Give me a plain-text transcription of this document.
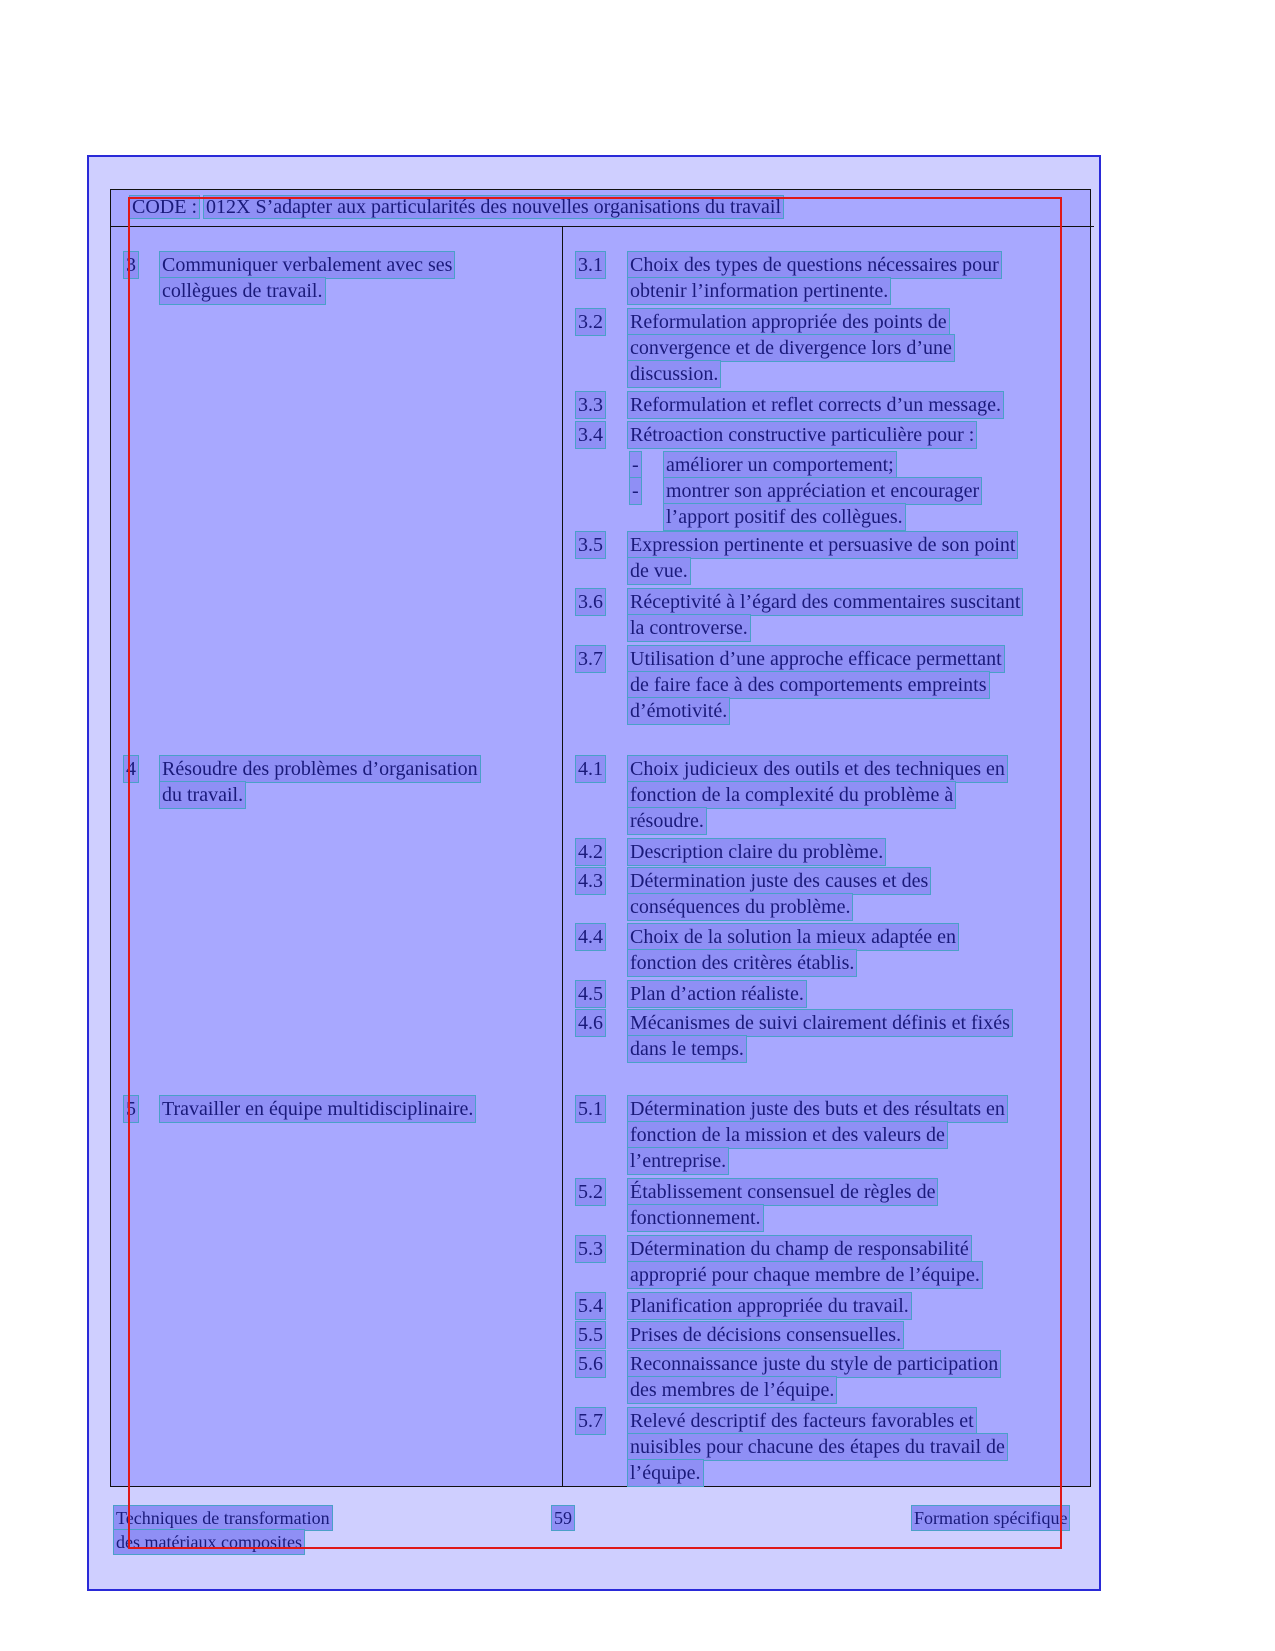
CODE : 012X S’adapter aux particularités des nouvelles organisations du travail
3 Communiquer verbalement avec ses
collègues de travail.
3.1 Choix des types de questions nécessaires pour
obtenir l’information pertinente.
3.2 Reformulation appropriée des points de
convergence et de divergence lors d’une
discussion.
3.3 Reformulation et reflet corrects d’un message.
3.4 Rétroaction constructive particulière pour :
- améliorer un comportement;
- montrer son appréciation et encourager
l’apport positif des collègues.
3.5 Expression pertinente et persuasive de son point
de vue.
3.6 Réceptivité à l’égard des commentaires suscitant
la controverse.
3.7 Utilisation d’une approche efficace permettant
de faire face à des comportements empreints
d’émotivité.
4 Résoudre des problèmes d’organisation
du travail.
4.1 Choix judicieux des outils et des techniques en
fonction de la complexité du problème à
résoudre.
4.2 Description claire du problème.
4.3 Détermination juste des causes et des
conséquences du problème.
4.4 Choix de la solution la mieux adaptée en
fonction des critères établis.
4.5 Plan d’action réaliste.
4.6 Mécanismes de suivi clairement définis et fixés
dans le temps.
5 Travailler en équipe multidisciplinaire.	5.1 Détermination juste des buts et des résultats en
fonction de la mission et des valeurs de
l’entreprise.
5.2 Établissement consensuel de règles de
fonctionnement.
5.3 Détermination du champ de responsabilité
approprié pour chaque membre de l’équipe.
5.4 Planification appropriée du travail.
5.5 Prises de décisions consensuelles.
5.6 Reconnaissance juste du style de participation
des membres de l’équipe.
5.7 Relevé descriptif des facteurs favorables et
nuisibles pour chacune des étapes du travail de
l’équipe.
Techniques de transformation
des matériaux composites
59	Formation spécifique
